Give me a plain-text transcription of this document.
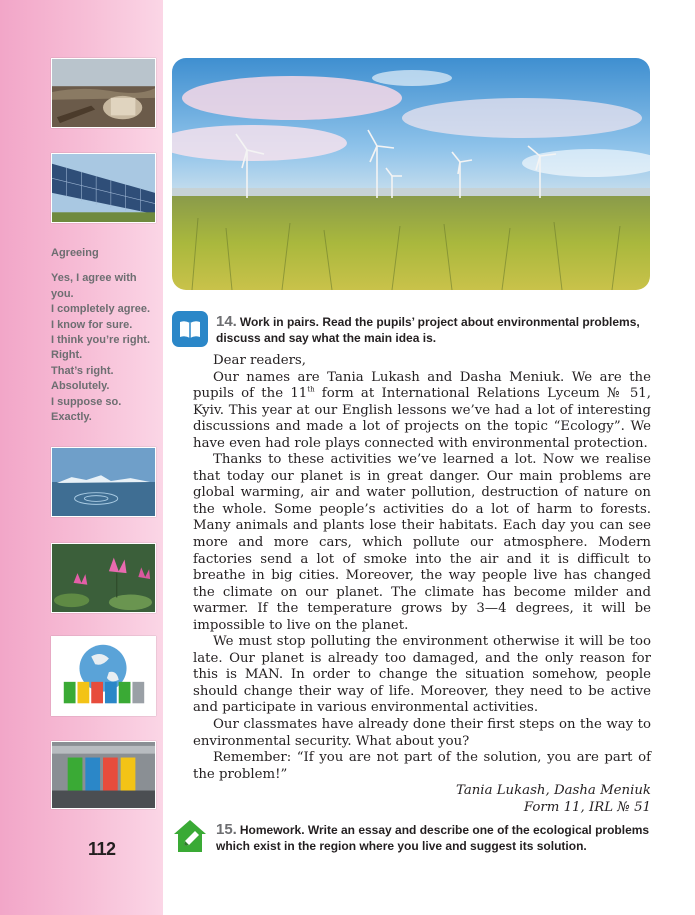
Agreeing
Yes, I agree with
you.
I completely agree.
I know for sure.
I think you’re right.
Right.
That’s right.
Absolutely.
I suppose so.
Exactly.
112
14. Work in pairs. Read the pupils’ project about environmental problems, discuss and say what the main idea is.

Dear readers,

Our names are Tania Lukash and Dasha Meniuk. We are the pupils of the 11th form at International Relations Lyceum № 51, Kyiv. This year at our English lessons we’ve had a lot of interesting discussions and made a lot of projects on the topic “Ecology”. We have even had role plays connected with environmental protection.

Thanks to these activities we’ve learned a lot. Now we realise that today our planet is in great danger. Our main problems are global warming, air and water pollution, destruction of nature on the whole. Some people’s activities do a lot of harm to forests. Many animals and plants lose their habitats. Each day you can see more and more cars, which pollute our atmosphere. Modern factories send a lot of smoke into the air and it is difficult to breathe in big cities. Moreover, the way people live has changed the climate on our planet. The climate has become milder and warmer. If the temperature grows by 3—4 degrees, it will be impossible to live on the planet.

We must stop polluting the environment otherwise it will be too late. Our planet is already too damaged, and the only reason for this is MAN. In order to change the situation somehow, people should change their way of life. Moreover, they need to be active and participate in various environmental activities.

Our classmates have already done their first steps on the way to environmental security. What about you?

Remember: “If you are not part of the solution, you are part of the problem!”

Tania Lukash, Dasha Meniuk

Form 11, IRL № 51

15. Homework. Write an essay and describe one of the ecological problems which exist in the region where you live and suggest its solution.
